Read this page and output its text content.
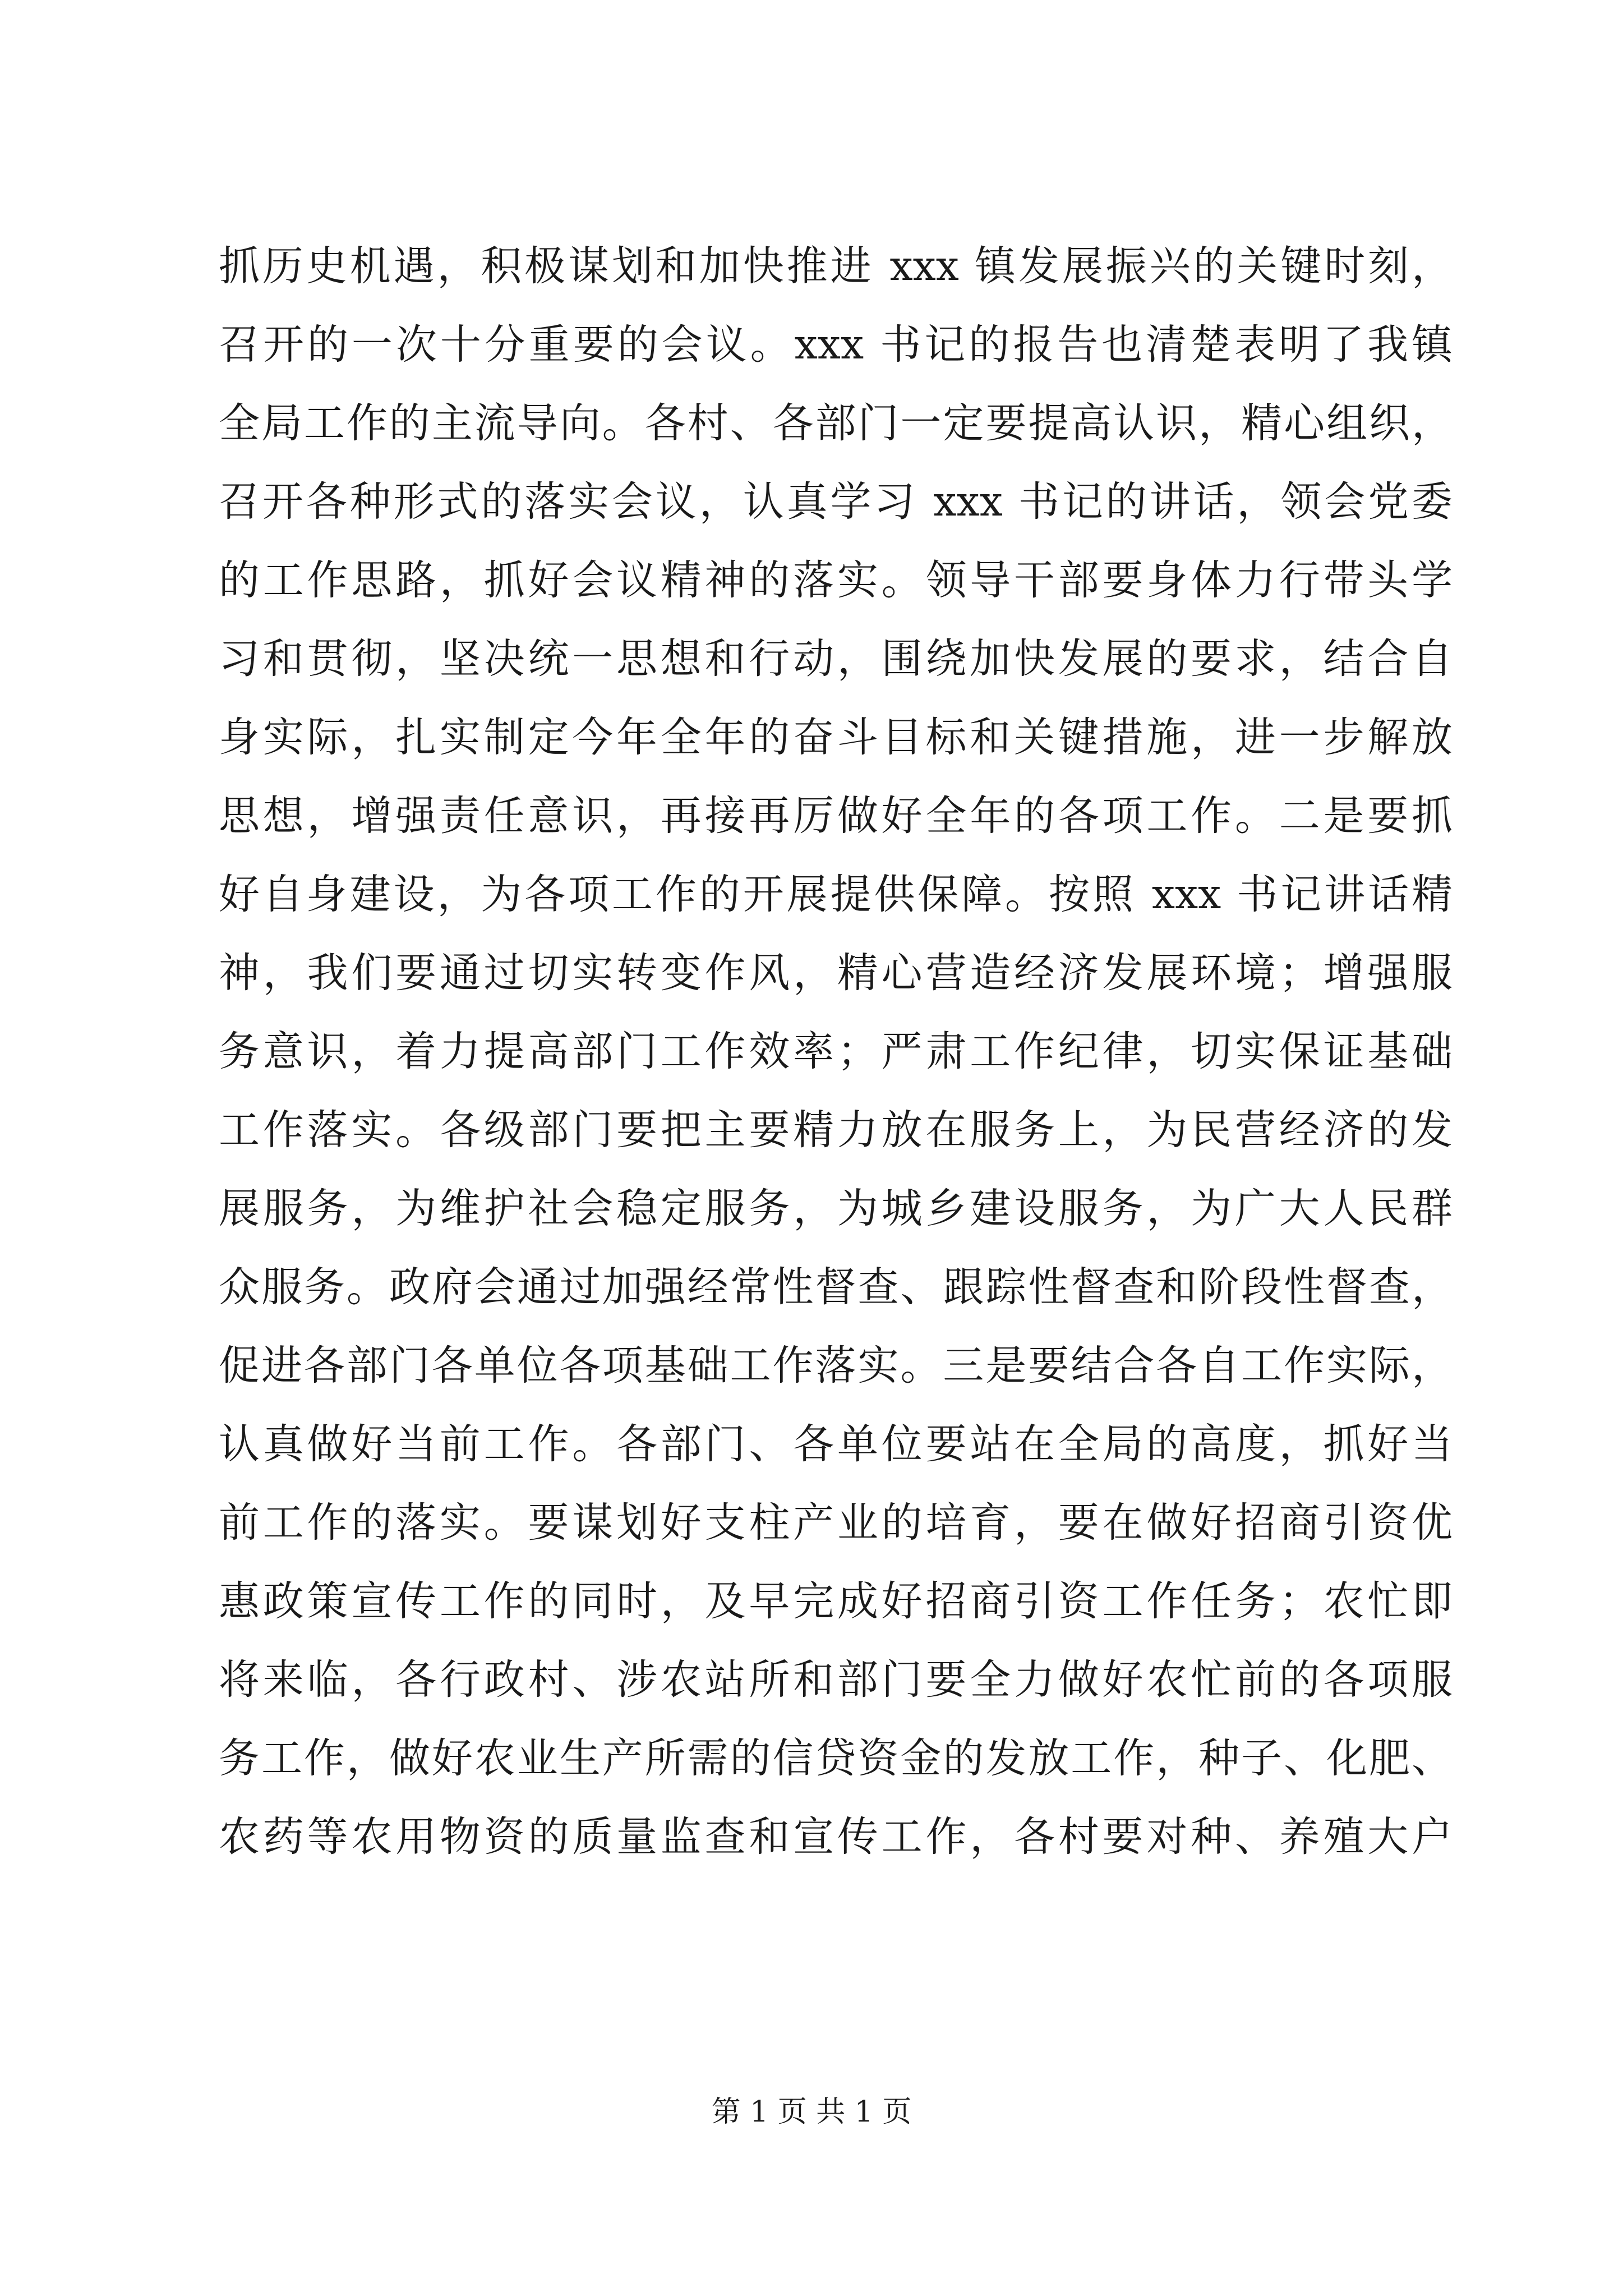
抓历史机遇，积极谋划和加快推进 xxx 镇发展振兴的关键时刻，
召开的一次十分重要的会议。xxx 书记的报告也清楚表明了我镇
全局工作的主流导向。各村、各部门一定要提高认识，精心组织，
召开各种形式的落实会议，认真学习 xxx 书记的讲话，领会党委
的工作思路，抓好会议精神的落实。领导干部要身体力行带头学
习和贯彻，坚决统一思想和行动，围绕加快发展的要求，结合自
身实际，扎实制定今年全年的奋斗目标和关键措施，进一步解放
思想，增强责任意识，再接再厉做好全年的各项工作。二是要抓
好自身建设，为各项工作的开展提供保障。按照 xxx 书记讲话精
神，我们要通过切实转变作风，精心营造经济发展环境；增强服
务意识，着力提高部门工作效率；严肃工作纪律，切实保证基础
工作落实。各级部门要把主要精力放在服务上，为民营经济的发
展服务，为维护社会稳定服务，为城乡建设服务，为广大人民群
众服务。政府会通过加强经常性督查、跟踪性督查和阶段性督查，
促进各部门各单位各项基础工作落实。三是要结合各自工作实际，
认真做好当前工作。各部门、各单位要站在全局的高度，抓好当
前工作的落实。要谋划好支柱产业的培育，要在做好招商引资优
惠政策宣传工作的同时，及早完成好招商引资工作任务；农忙即
将来临，各行政村、涉农站所和部门要全力做好农忙前的各项服
务工作，做好农业生产所需的信贷资金的发放工作，种子、化肥、
农药等农用物资的质量监查和宣传工作，各村要对种、养殖大户
第 1 页 共 1 页
